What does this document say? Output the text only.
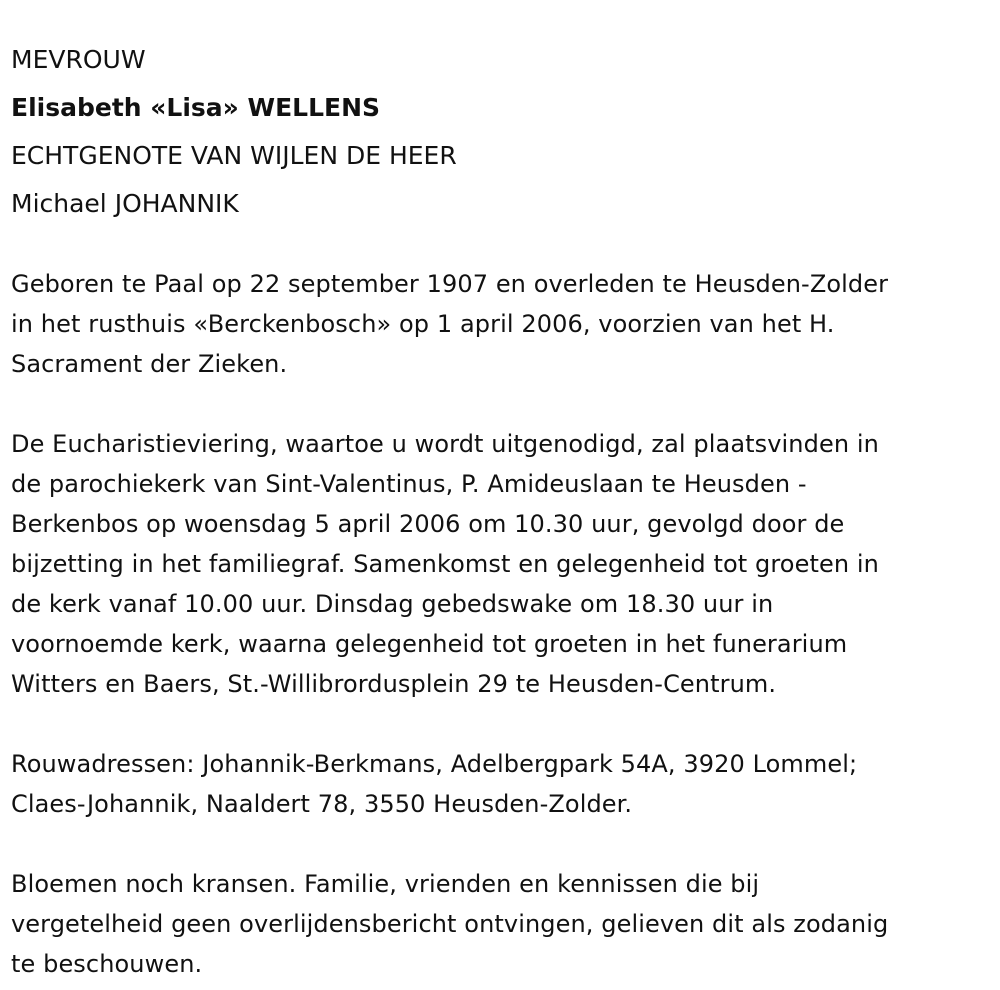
MEVROUW
Elisabeth «Lisa» WELLENS
ECHTGENOTE VAN WIJLEN DE HEER
Michael JOHANNIK

Geboren te Paal op 22 september 1907 en overleden te Heusden-Zolder
in het rusthuis «Berckenbosch» op 1 april 2006, voorzien van het H.
Sacrament der Zieken.

De Eucharistieviering, waartoe u wordt uitgenodigd, zal plaatsvinden in
de parochiekerk van Sint-Valentinus, P. Amideuslaan te Heusden -
Berkenbos op woensdag 5 april 2006 om 10.30 uur, gevolgd door de
bijzetting in het familiegraf. Samenkomst en gelegenheid tot groeten in
de kerk vanaf 10.00 uur. Dinsdag gebedswake om 18.30 uur in
voornoemde kerk, waarna gelegenheid tot groeten in het funerarium
Witters en Baers, St.-Willibrordusplein 29 te Heusden-Centrum.

Rouwadressen: Johannik-Berkmans, Adelbergpark 54A, 3920 Lommel;
Claes-Johannik, Naaldert 78, 3550 Heusden-Zolder.

Bloemen noch kransen. Familie, vrienden en kennissen die bij
vergetelheid geen overlijdensbericht ontvingen, gelieven dit als zodanig
te beschouwen.
